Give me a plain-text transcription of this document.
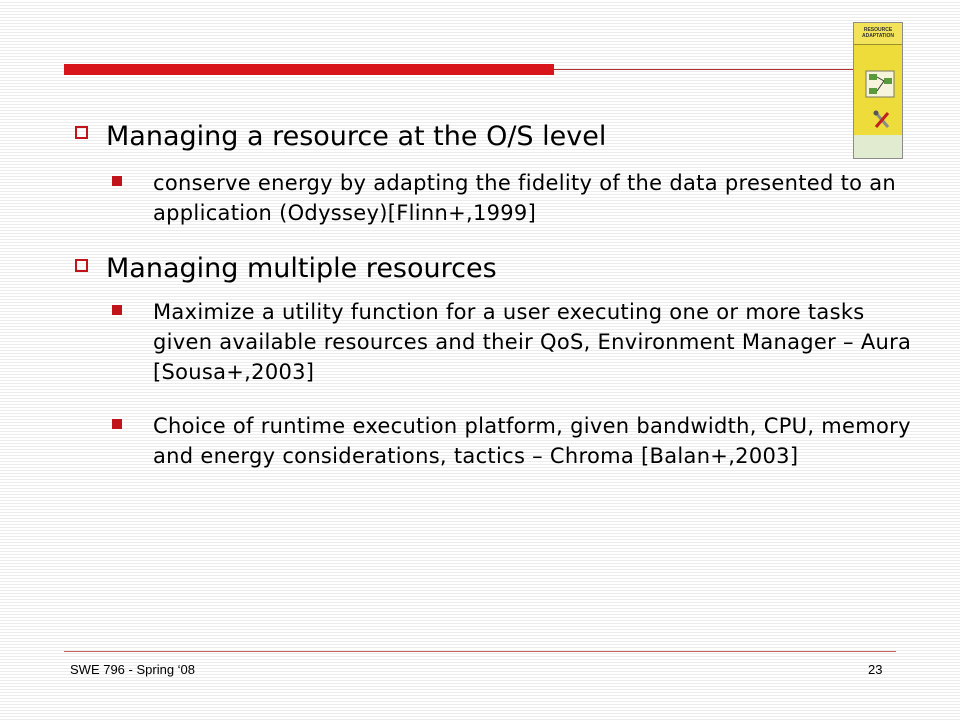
RESOURCE
ADAPTATION

Managing a resource at the O/S level

conserve energy by adapting the fidelity of the data presented to an application (Odyssey)[Flinn+,1999]

Managing multiple resources

Maximize a utility function for a user executing one or more tasks given available resources and their QoS, Environment Manager – Aura [Sousa+,2003]

Choice of runtime execution platform, given bandwidth, CPU, memory and energy considerations, tactics – Chroma [Balan+,2003]

SWE 796 - Spring ‘08	23
